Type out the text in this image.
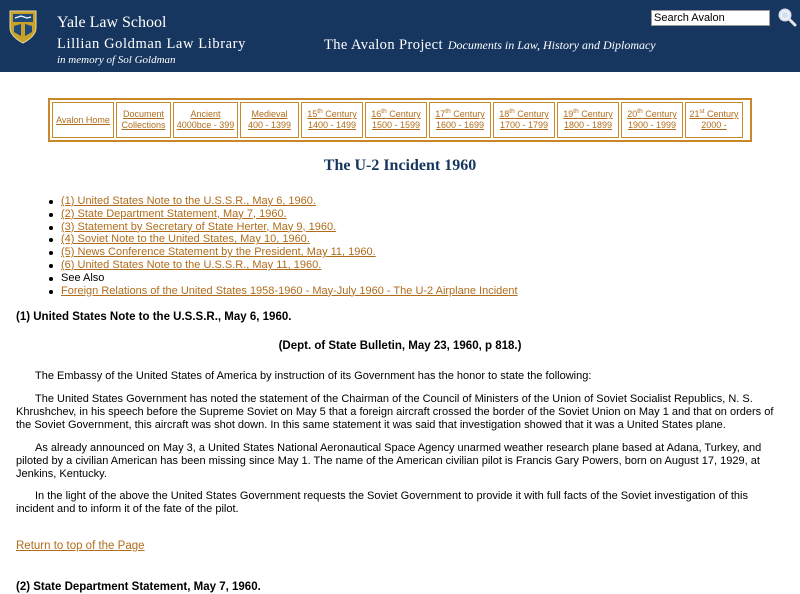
Yale Law School
Lillian Goldman Law Library
in memory of Sol Goldman
The Avalon Project Documents in Law, History and Diplomacy
Search Avalon
Avalon Home
Document
Collections
Ancient
4000bce - 399
Medieval
400 - 1399
15th Century
1400 - 1499
16th Century
1500 - 1599
17th Century
1600 - 1699
18th Century
1700 - 1799
19th Century
1800 - 1899
20th Century
1900 - 1999
21st Century
2000 -
The U-2 Incident 1960
(1) United States Note to the U.S.S.R., May 6, 1960.
(2) State Department Statement, May 7, 1960.
(3) Statement by Secretary of State Herter, May 9, 1960.
(4) Soviet Note to the United States, May 10, 1960.
(5) News Conference Statement by the President, May 11, 1960.
(6) United States Note to the U.S.S.R., May 11, 1960.
See Also
Foreign Relations of the United States 1958-1960 - May-July 1960 - The U-2 Airplane Incident
(1) United States Note to the U.S.S.R., May 6, 1960.
(Dept. of State Bulletin, May 23, 1960, p 818.)
The Embassy of the United States of America by instruction of its Government has the honor to state the following:
The United States Government has noted the statement of the Chairman of the Council of Ministers of the Union of Soviet Socialist Republics, N. S. Khrushchev, in his speech before the Supreme Soviet on May 5 that a foreign aircraft crossed the border of the Soviet Union on May 1 and that on orders of the Soviet Government, this aircraft was shot down. In this same statement it was said that investigation showed that it was a United States plane.
As already announced on May 3, a United States National Aeronautical Space Agency unarmed weather research plane based at Adana, Turkey, and piloted by a civilian American has been missing since May 1. The name of the American civilian pilot is Francis Gary Powers, born on August 17, 1929, at Jenkins, Kentucky.
In the light of the above the United States Government requests the Soviet Government to provide it with full facts of the Soviet investigation of this incident and to inform it of the fate of the pilot.
Return to top of the Page
(2) State Department Statement, May 7, 1960.
